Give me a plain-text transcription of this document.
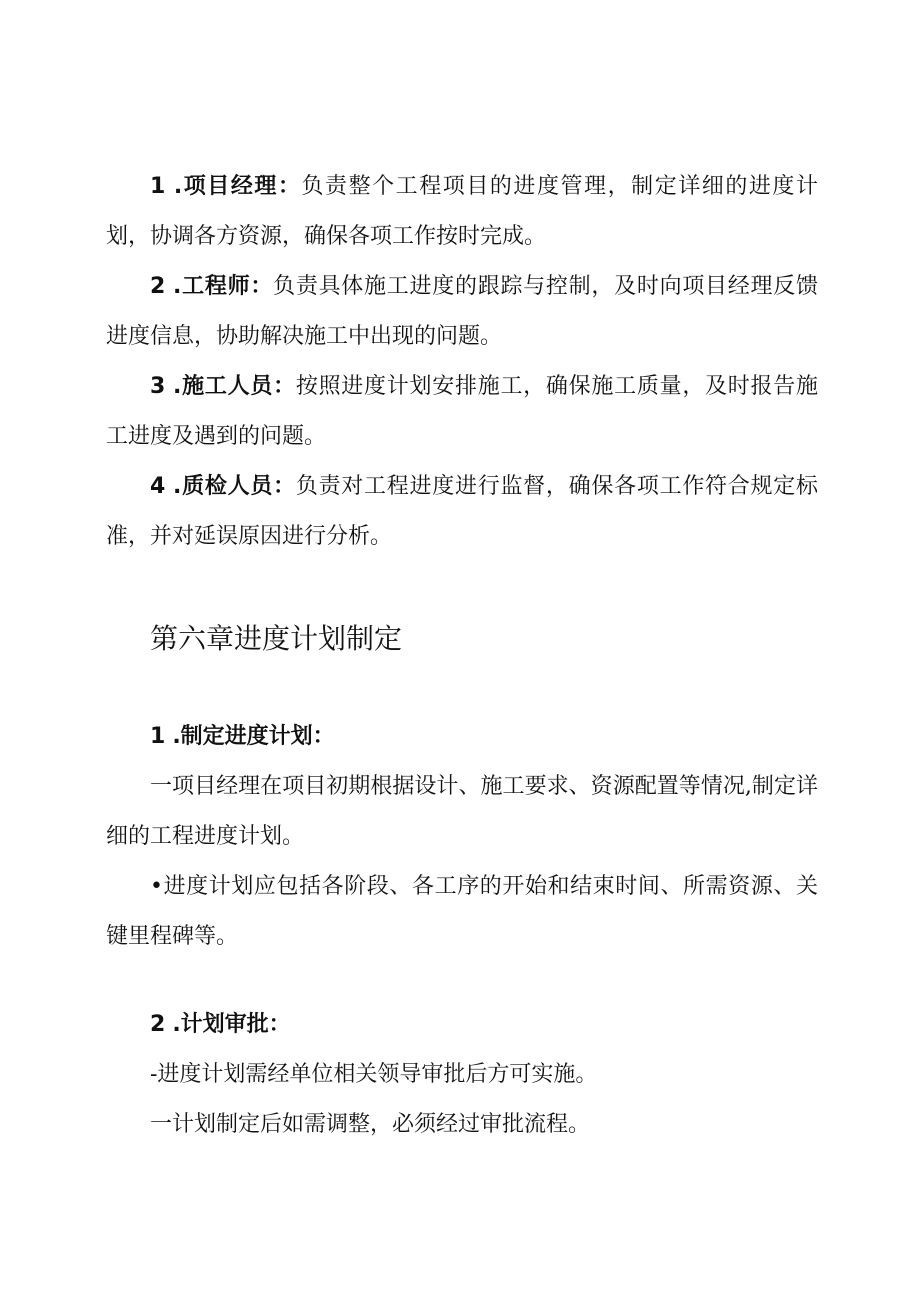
1 .项目经理：负责整个工程项目的进度管理，制定详细的进度计划，协调各方资源，确保各项工作按时完成。

2 .工程师：负责具体施工进度的跟踪与控制，及时向项目经理反馈进度信息，协助解决施工中出现的问题。

3 .施工人员：按照进度计划安排施工，确保施工质量，及时报告施工进度及遇到的问题。

4 .质检人员：负责对工程进度进行监督，确保各项工作符合规定标准，并对延误原因进行分析。

第六章进度计划制定

1 .制定进度计划：

一项目经理在项目初期根据设计、施工要求、资源配置等情况,制定详细的工程进度计划。

•进度计划应包括各阶段、各工序的开始和结束时间、所需资源、关键里程碑等。

2 .计划审批：

-进度计划需经单位相关领导审批后方可实施。

一计划制定后如需调整，必须经过审批流程。
